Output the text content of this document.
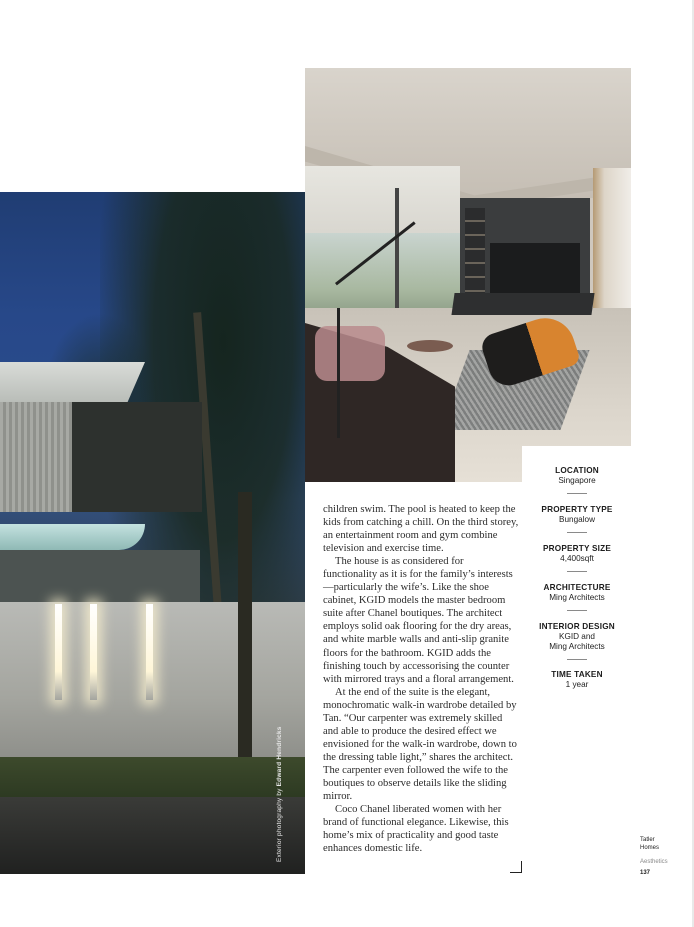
Exterior photography by Edward Hendricks
LOCATION
Singapore
PROPERTY TYPE
Bungalow
PROPERTY SIZE
4,400sqft
ARCHITECTURE
Ming Architects
INTERIOR DESIGN
KGID and
Ming Architects
TIME TAKEN
1 year

children swim. The pool is heated to keep the kids from catching a chill. On the third storey, an entertainment room and gym combine television and exercise time.

The house is as considered for functionality as it is for the family’s interests—particularly the wife’s. Like the shoe cabinet, KGID models the master bedroom suite after Chanel boutiques. The architect employs solid oak flooring for the dry areas, and white marble walls and anti-slip granite floors for the bathroom. KGID adds the finishing touch by accessorising the counter with mirrored trays and a floral arrangement.

At the end of the suite is the elegant, monochromatic walk-in wardrobe detailed by Tan. “Our carpenter was extremely skilled and able to produce the desired effect we envisioned for the walk-in wardrobe, down to the dressing table light,” shares the architect. The carpenter even followed the wife to the boutiques to observe details like the sliding mirror.

Coco Chanel liberated women with her brand of functional elegance. Likewise, this home’s mix of practicality and good taste enhances domestic life.

Tatler
Homes
Aesthetics
137
